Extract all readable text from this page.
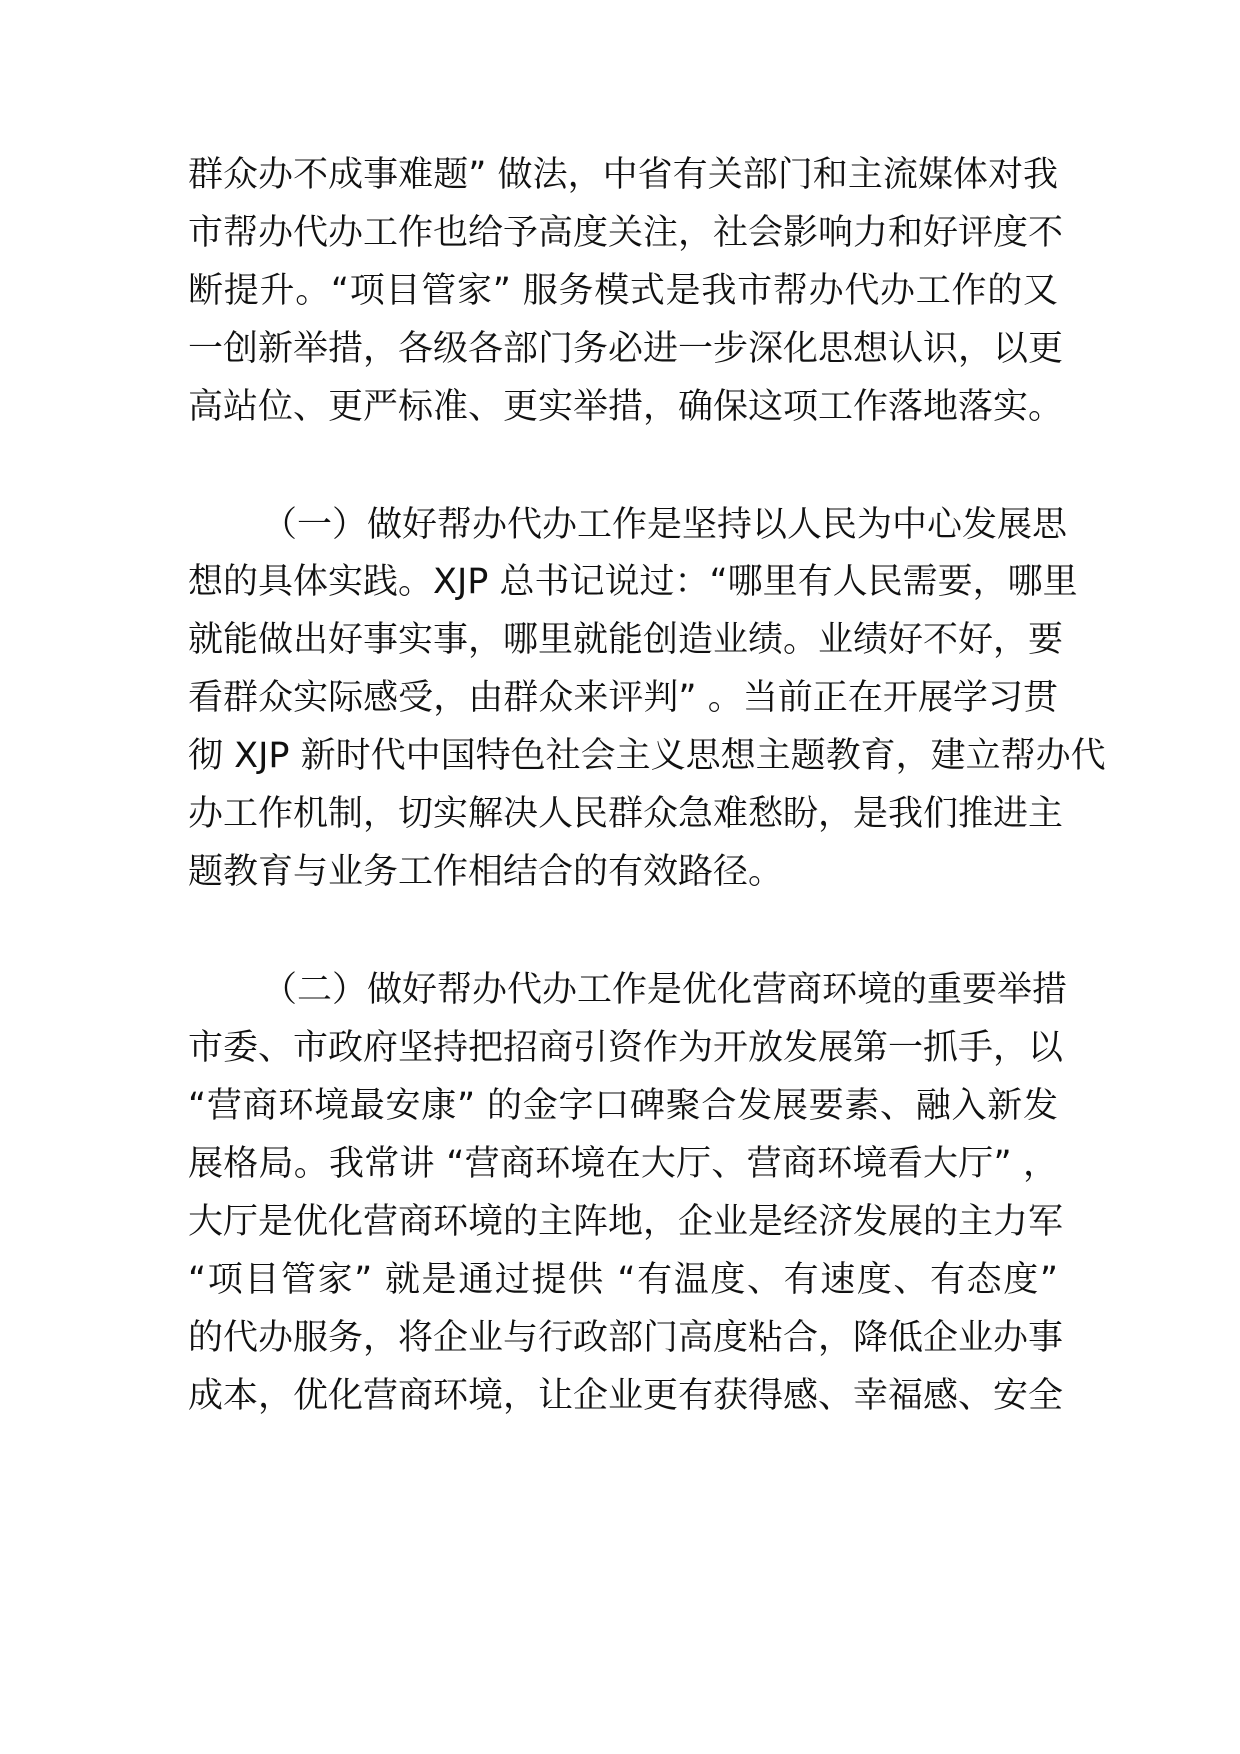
群众办不成事难题” 做法，中省有关部门和主流媒体对我
市帮办代办工作也给予高度关注，社会影响力和好评度不
断提升。“项目管家” 服务模式是我市帮办代办工作的又
一创新举措，各级各部门务必进一步深化思想认识，以更
高站位、更严标准、更实举措，确保这项工作落地落实。
（一）做好帮办代办工作是坚持以人民为中心发展思
想的具体实践。XJP 总书记说过：“哪里有人民需要，哪里
就能做出好事实事，哪里就能创造业绩。业绩好不好，要
看群众实际感受，由群众来评判” 。当前正在开展学习贯
彻 XJP 新时代中国特色社会主义思想主题教育，建立帮办代
办工作机制，切实解决人民群众急难愁盼，是我们推进主
题教育与业务工作相结合的有效路径。
（二）做好帮办代办工作是优化营商环境的重要举措
市委、市政府坚持把招商引资作为开放发展第一抓手，以
“营商环境最安康” 的金字口碑聚合发展要素、融入新发
展格局。我常讲 “营商环境在大厅、营商环境看大厅” ，
大厅是优化营商环境的主阵地，企业是经济发展的主力军
“项目管家” 就是通过提供 “有温度、有速度、有态度”
的代办服务，将企业与行政部门高度粘合，降低企业办事
成本，优化营商环境，让企业更有获得感、幸福感、安全
